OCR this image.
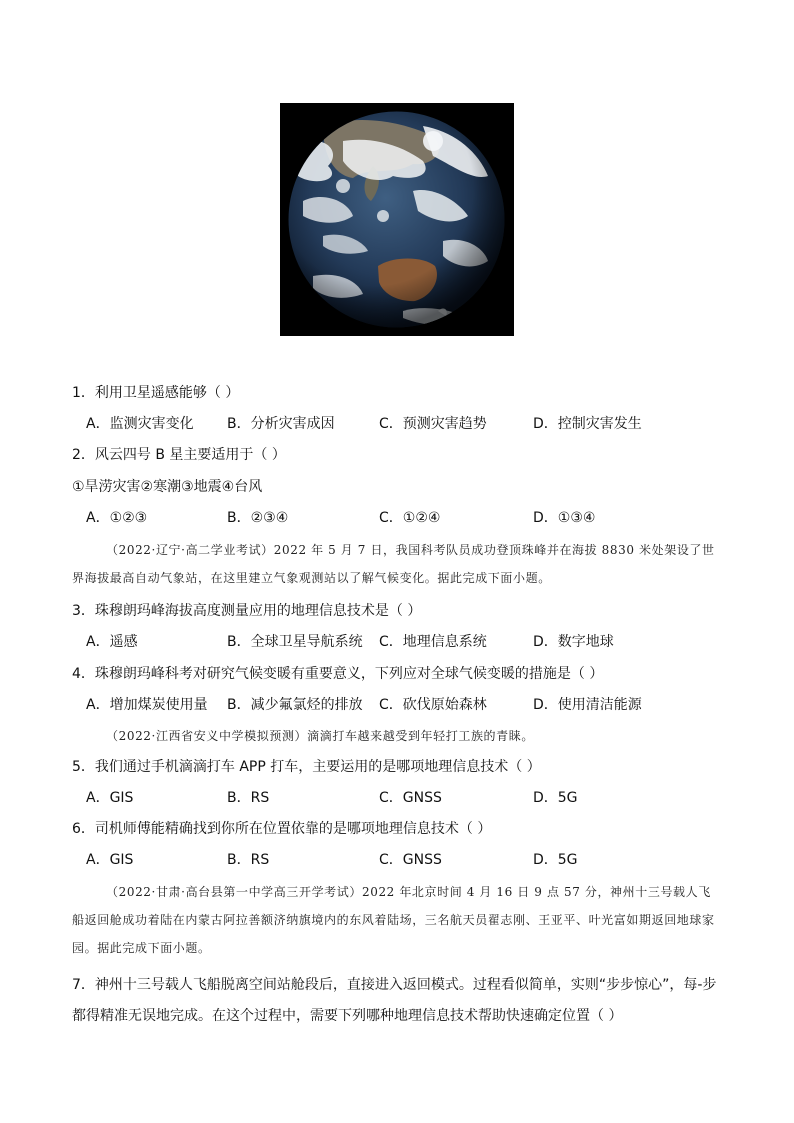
1．利用卫星遥感能够（ ）
A．监测灾害变化 B．分析灾害成因	C．预测灾害趋势	D．控制灾害发生
2．风云四号 B 星主要适用于（ ）
①旱涝灾害②寒潮③地震④台风
A．①②③	B．②③④	C．①②④	D．①③④
（2022·辽宁·高二学业考试）2022 年 5 月 7 日，我国科考队员成功登顶珠峰并在海拔 8830 米处架设了世界海拔最高自动气象站，在这里建立气象观测站以了解气候变化。据此完成下面小题。
3．珠穆朗玛峰海拔高度测量应用的地理信息技术是（ ）
A．遥感	B．全球卫星导航系统 C．地理信息系统	D．数字地球
4．珠穆朗玛峰科考对研究气候变暖有重要意义，下列应对全球气候变暖的措施是（ ）
A．增加煤炭使用量 B．减少氟氯烃的排放 C．砍伐原始森林	D．使用清洁能源
（2022·江西省安义中学模拟预测）滴滴打车越来越受到年轻打工族的青睐。
5．我们通过手机滴滴打车 APP 打车，主要运用的是哪项地理信息技术（ ）
A．GIS	B．RS	C．GNSS	D．5G
6．司机师傅能精确找到你所在位置依靠的是哪项地理信息技术（ ）
A．GIS	B．RS	C．GNSS	D．5G
（2022·甘肃·高台县第一中学高三开学考试）2022 年北京时间 4 月 16 日 9 点 57 分，神州十三号载人飞船返回舱成功着陆在内蒙古阿拉善额济纳旗境内的东风着陆场，三名航天员翟志刚、王亚平、叶光富如期返回地球家园。据此完成下面小题。
7．神州十三号载人飞船脱离空间站舱段后，直接进入返回模式。过程看似简单，实则“步步惊心”，每-步都得精准无误地完成。在这个过程中，需要下列哪种地理信息技术帮助快速确定位置（ ）
